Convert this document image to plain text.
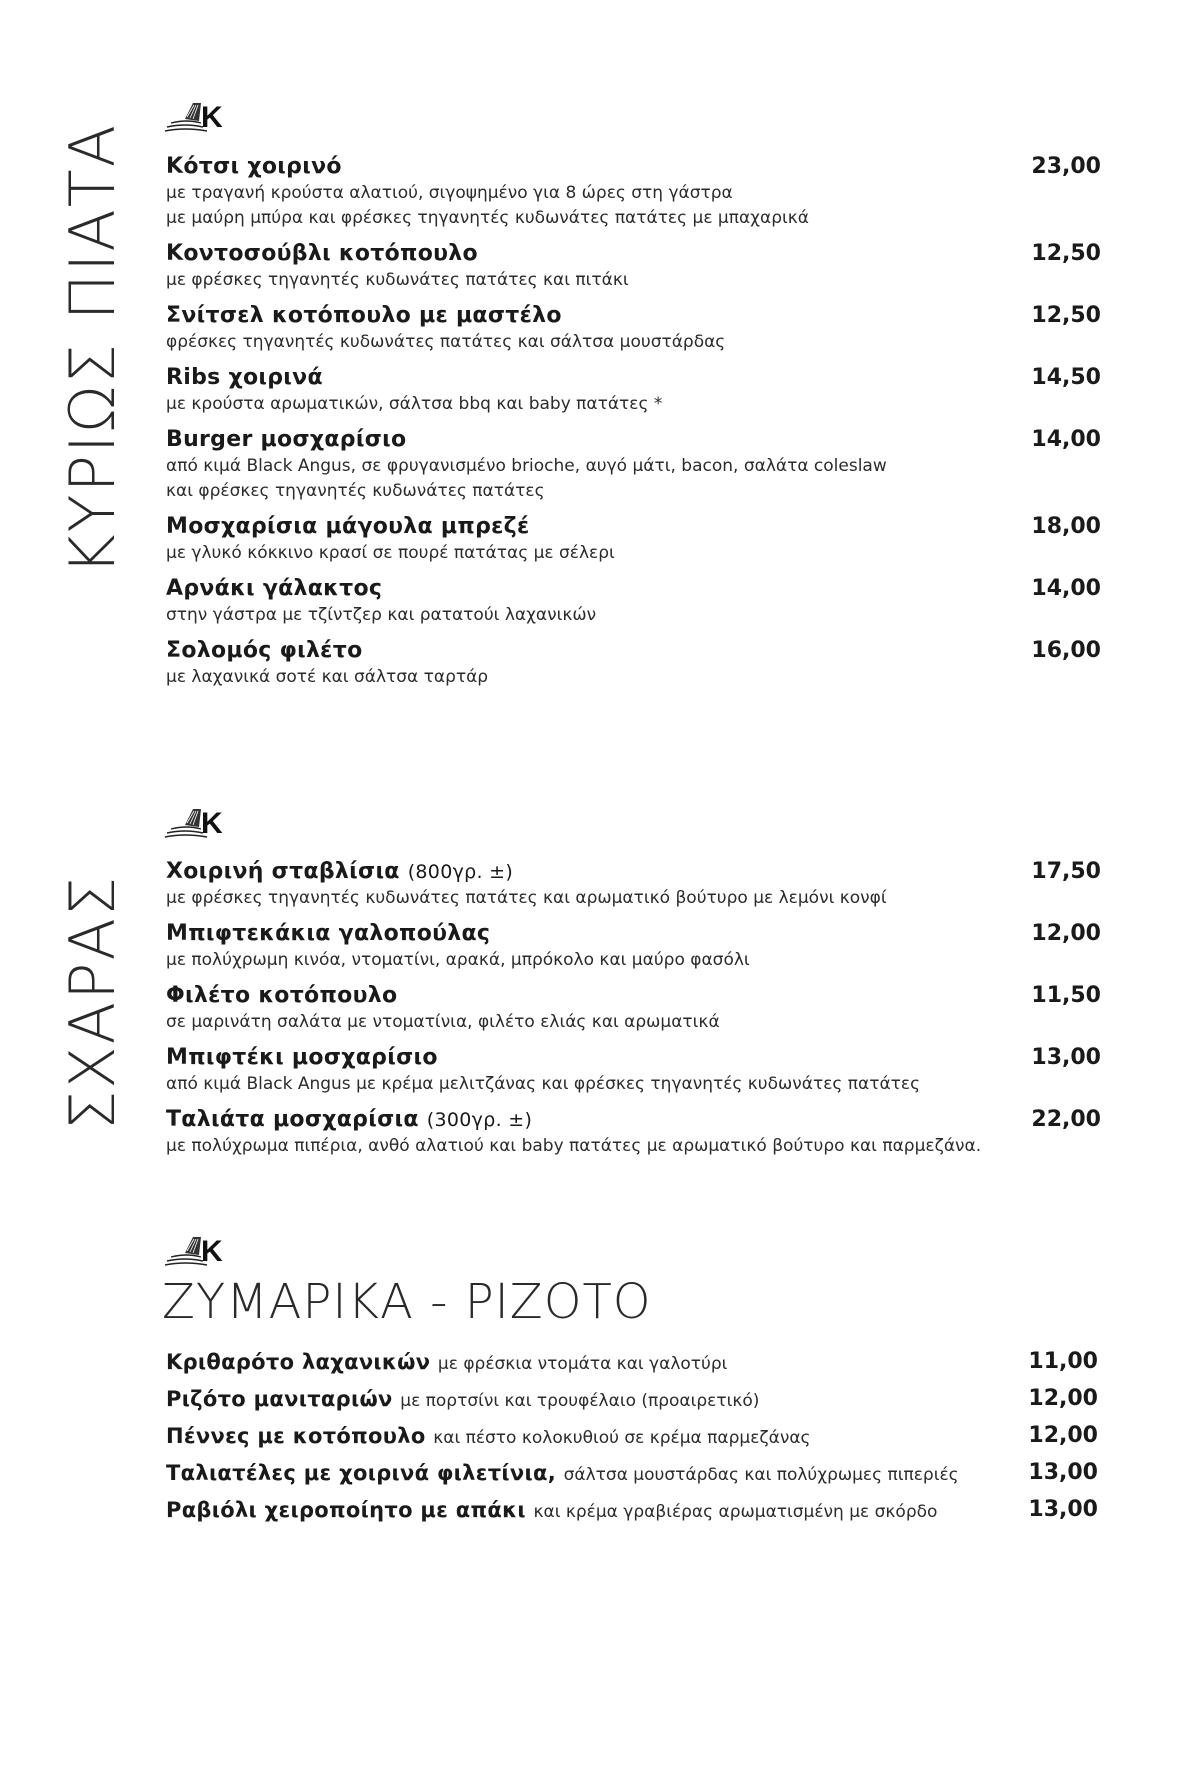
K
K
K
ΚΥΡΙΩΣ ΠΙΑΤΑ
ΣΧΑΡΑΣ
Κότσι χοιρινό	23,00
με τραγανή κρούστα αλατιού, σιγοψημένο για 8 ώρες στη γάστρα
με μαύρη μπύρα και φρέσκες τηγανητές κυδωνάτες πατάτες με μπαχαρικά
Κοντοσούβλι κοτόπουλο	12,50
με φρέσκες τηγανητές κυδωνάτες πατάτες και πιτάκι
Σνίτσελ κοτόπουλο με μαστέλο	12,50
φρέσκες τηγανητές κυδωνάτες πατάτες και σάλτσα μουστάρδας
Ribs χοιρινά	14,50
με κρούστα αρωματικών, σάλτσα bbq και baby πατάτες *
Burger μοσχαρίσιο	14,00
από κιμά Black Angus, σε φρυγανισμένο brioche, αυγό μάτι, bacon, σαλάτα coleslaw
και φρέσκες τηγανητές κυδωνάτες πατάτες
Μοσχαρίσια μάγουλα μπρεζέ	18,00
με γλυκό κόκκινο κρασί σε πουρέ πατάτας με σέλερι
Αρνάκι γάλακτος	14,00
στην γάστρα με τζίντζερ και ρατατούι λαχανικών
Σολομός φιλέτο	16,00
με λαχανικά σοτέ και σάλτσα ταρτάρ
Χοιρινή σταβλίσια (800γρ. ±)	17,50
με φρέσκες τηγανητές κυδωνάτες πατάτες και αρωματικό βούτυρο με λεμόνι κονφί
Μπιφτεκάκια γαλοπούλας	12,00
με πολύχρωμη κινόα, ντοματίνι, αρακά, μπρόκολο και μαύρο φασόλι
Φιλέτο κοτόπουλο	11,50
σε μαρινάτη σαλάτα με ντοματίνια, φιλέτο ελιάς και αρωματικά
Μπιφτέκι μοσχαρίσιο	13,00
από κιμά Black Angus με κρέμα μελιτζάνας και φρέσκες τηγανητές κυδωνάτες πατάτες
Ταλιάτα μοσχαρίσια (300γρ. ±)	22,00
με πολύχρωμα πιπέρια, ανθό αλατιού και baby πατάτες με αρωματικό βούτυρο και παρμεζάνα.
ΖΥΜΑΡΙΚΑ - ΡΙΖΟΤΟ
Κριθαρότο λαχανικών με φρέσκια ντομάτα και γαλοτύρι	11,00
Ριζότο μανιταριών με πορτσίνι και τρουφέλαιο (προαιρετικό)	12,00
Πέννες με κοτόπουλο και πέστο κολοκυθιού σε κρέμα παρμεζάνας	12,00
Ταλιατέλες με χοιρινά φιλετίνια, σάλτσα μουστάρδας και πολύχρωμες πιπεριές	13,00
Ραβιόλι χειροποίητο με απάκι και κρέμα γραβιέρας αρωματισμένη με σκόρδο	13,00
